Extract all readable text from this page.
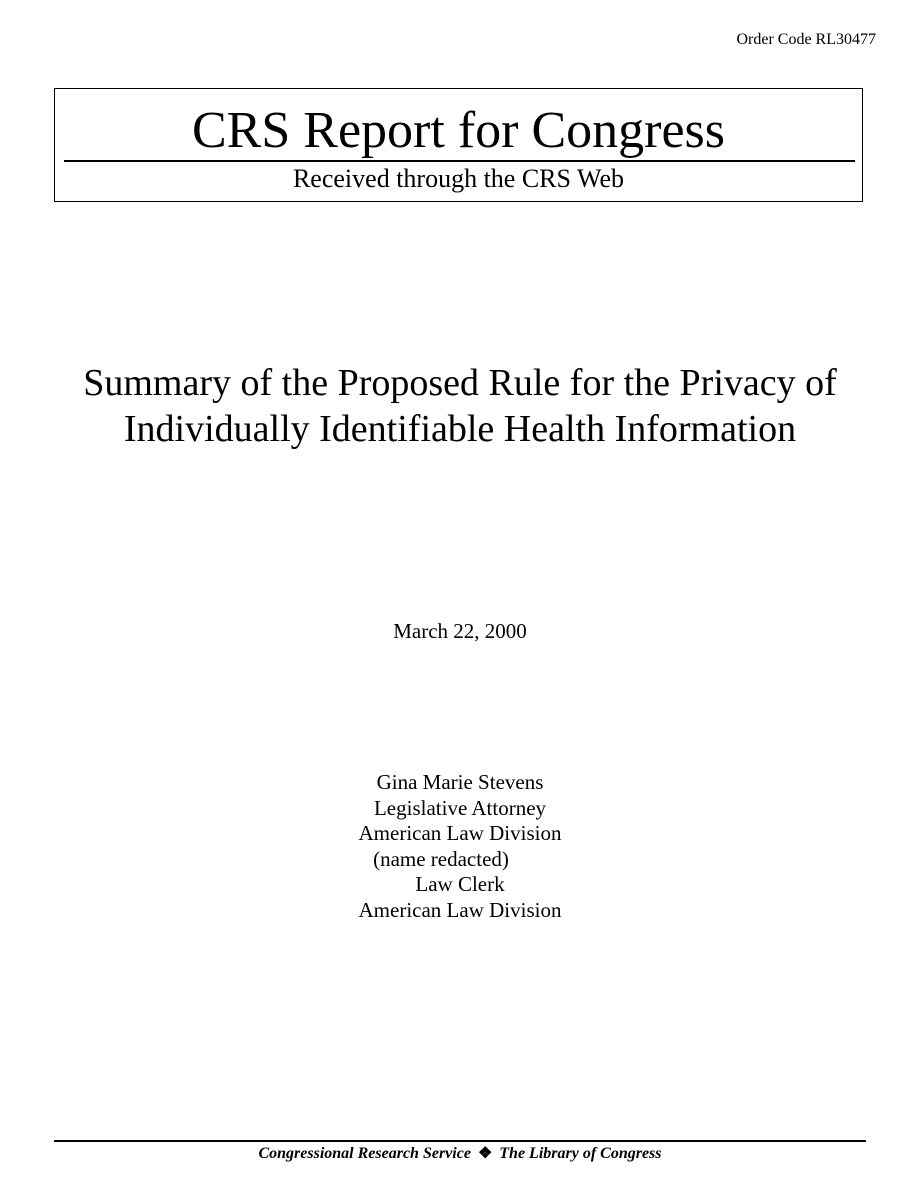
Order Code RL30477
CRS Report for Congress
Received through the CRS Web
Summary of the Proposed Rule for the Privacy of
Individually Identifiable Health Information
March 22, 2000
Gina Marie Stevens
Legislative Attorney
American Law Division
(name redacted)
Law Clerk
American Law Division
Congressional Research Service ❖ The Library of Congress
